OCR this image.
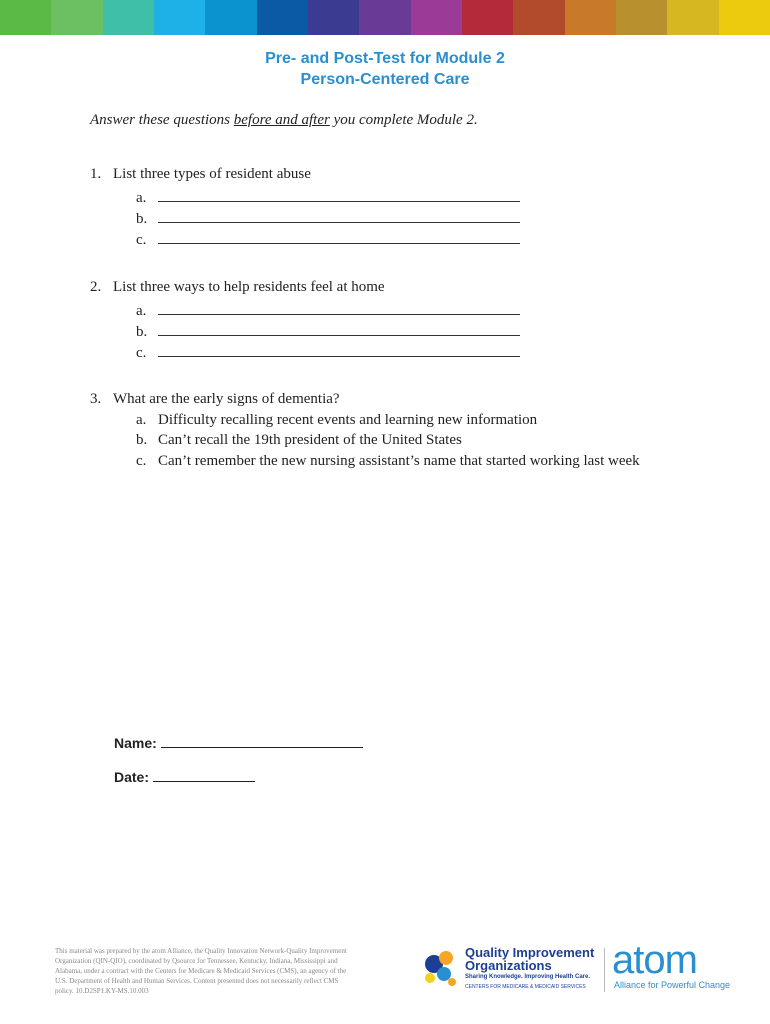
Pre- and Post-Test for Module 2
Person-Centered Care
Answer these questions before and after you complete Module 2.
1. List three types of resident abuse
a.
b.
c.
2. List three ways to help residents feel at home
a.
b.
c.
3. What are the early signs of dementia?
a. Difficulty recalling recent events and learning new information
b. Can’t recall the 19th president of the United States
c. Can’t remember the new nursing assistant’s name that started working last week
Name:
Date:
This material was prepared by the atom Alliance, the Quality Innovation Network-Quality Improvement Organization (QIN-QIO), coordinated by Qsource for Tennessee, Kentucky, Indiana, Mississippi and Alabama, under a contract with the Centers for Medicare & Medicaid Services (CMS), an agency of the U.S. Department of Health and Human Services. Content presented does not necessarily reflect CMS policy. 10.D2SP1.KY-MS.10.003
Quality Improvement
Organizations
Sharing Knowledge. Improving Health Care.
CENTERS FOR MEDICARE & MEDICAID SERVICES
atom
Alliance for Powerful Change
